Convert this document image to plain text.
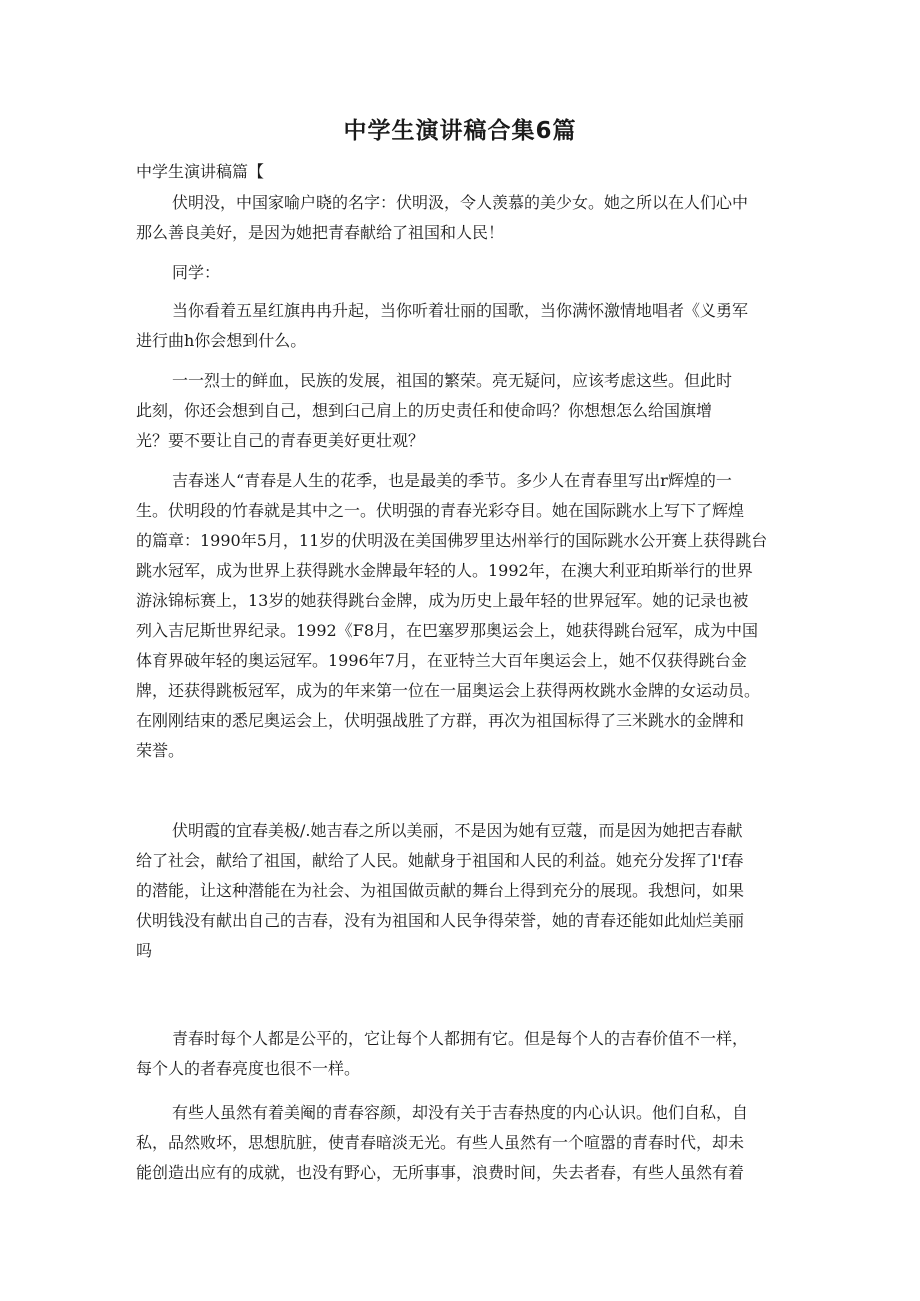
中学生演讲稿合集6篇
中学生演讲稿篇【
伏明没，中国家喻户晓的名字：伏明汲，令人羡慕的美少女。她之所以在人们心中
那么善良美好，是因为她把青春献给了祖国和人民！
同学：
当你看着五星红旗冉冉升起，当你听着壮丽的国歌，当你满怀激情地唱者《义勇军
进行曲h你会想到什么。
一一烈士的鲜血，民族的发展，祖国的繁荣。亮无疑问，应该考虑这些。但此时
此刻，你还会想到自己，想到臼己肩上的历史责任和使命吗？你想想怎么给国旗增
光？要不要让自己的青春更美好更壮观？
吉春迷人“青春是人生的花季，也是最美的季节。多少人在青春里写出r辉煌的一
生。伏明段的竹春就是其中之一。伏明强的青春光彩夺目。她在国际跳水上写下了辉煌
的篇章：1990年5月，11岁的伏明汲在美国佛罗里达州举行的国际跳水公开赛上获得跳台
跳水冠军，成为世界上获得跳水金牌最年轻的人。1992年，在澳大利亚珀斯举行的世界
游泳锦标赛上，13岁的她获得跳台金牌，成为历史上最年轻的世界冠军。她的记录也被
列入吉尼斯世界纪录。1992《F8月，在巴塞罗那奥运会上，她获得跳台冠军，成为中国
体育界破年轻的奥运冠军。1996年7月，在亚特兰大百年奥运会上，她不仅获得跳台金
牌，还获得跳板冠军，成为的年来第一位在一届奥运会上获得两枚跳水金牌的女运动员。
在刚刚结束的悉尼奥运会上，伏明强战胜了方群，再次为祖国标得了三米跳水的金牌和
荣誉。
伏明霞的宜春美极/.她吉春之所以美丽，不是因为她有豆蔻，而是因为她把吉春献
给了社会，献给了祖国，献给了人民。她献身于祖国和人民的利益。她充分发挥了l'f春
的潜能，让这种潜能在为社会、为祖国做贡献的舞台上得到充分的展现。我想问，如果
伏明钱没有献出自己的吉春，没有为祖国和人民争得荣誉，她的青春还能如此灿烂美丽
吗
青春时每个人都是公平的，它让每个人都拥有它。但是每个人的吉春价值不一样，
每个人的者春亮度也很不一样。
有些人虽然有着美阉的青春容颜，却没有关于吉春热度的内心认识。他们自私，自
私，品然败坏，思想肮脏，使青春暗淡无光。有些人虽然有一个喧嚣的青春时代，却未
能创造出应有的成就，也没有野心，无所事事，浪费时间，失去者春，有些人虽然有着
